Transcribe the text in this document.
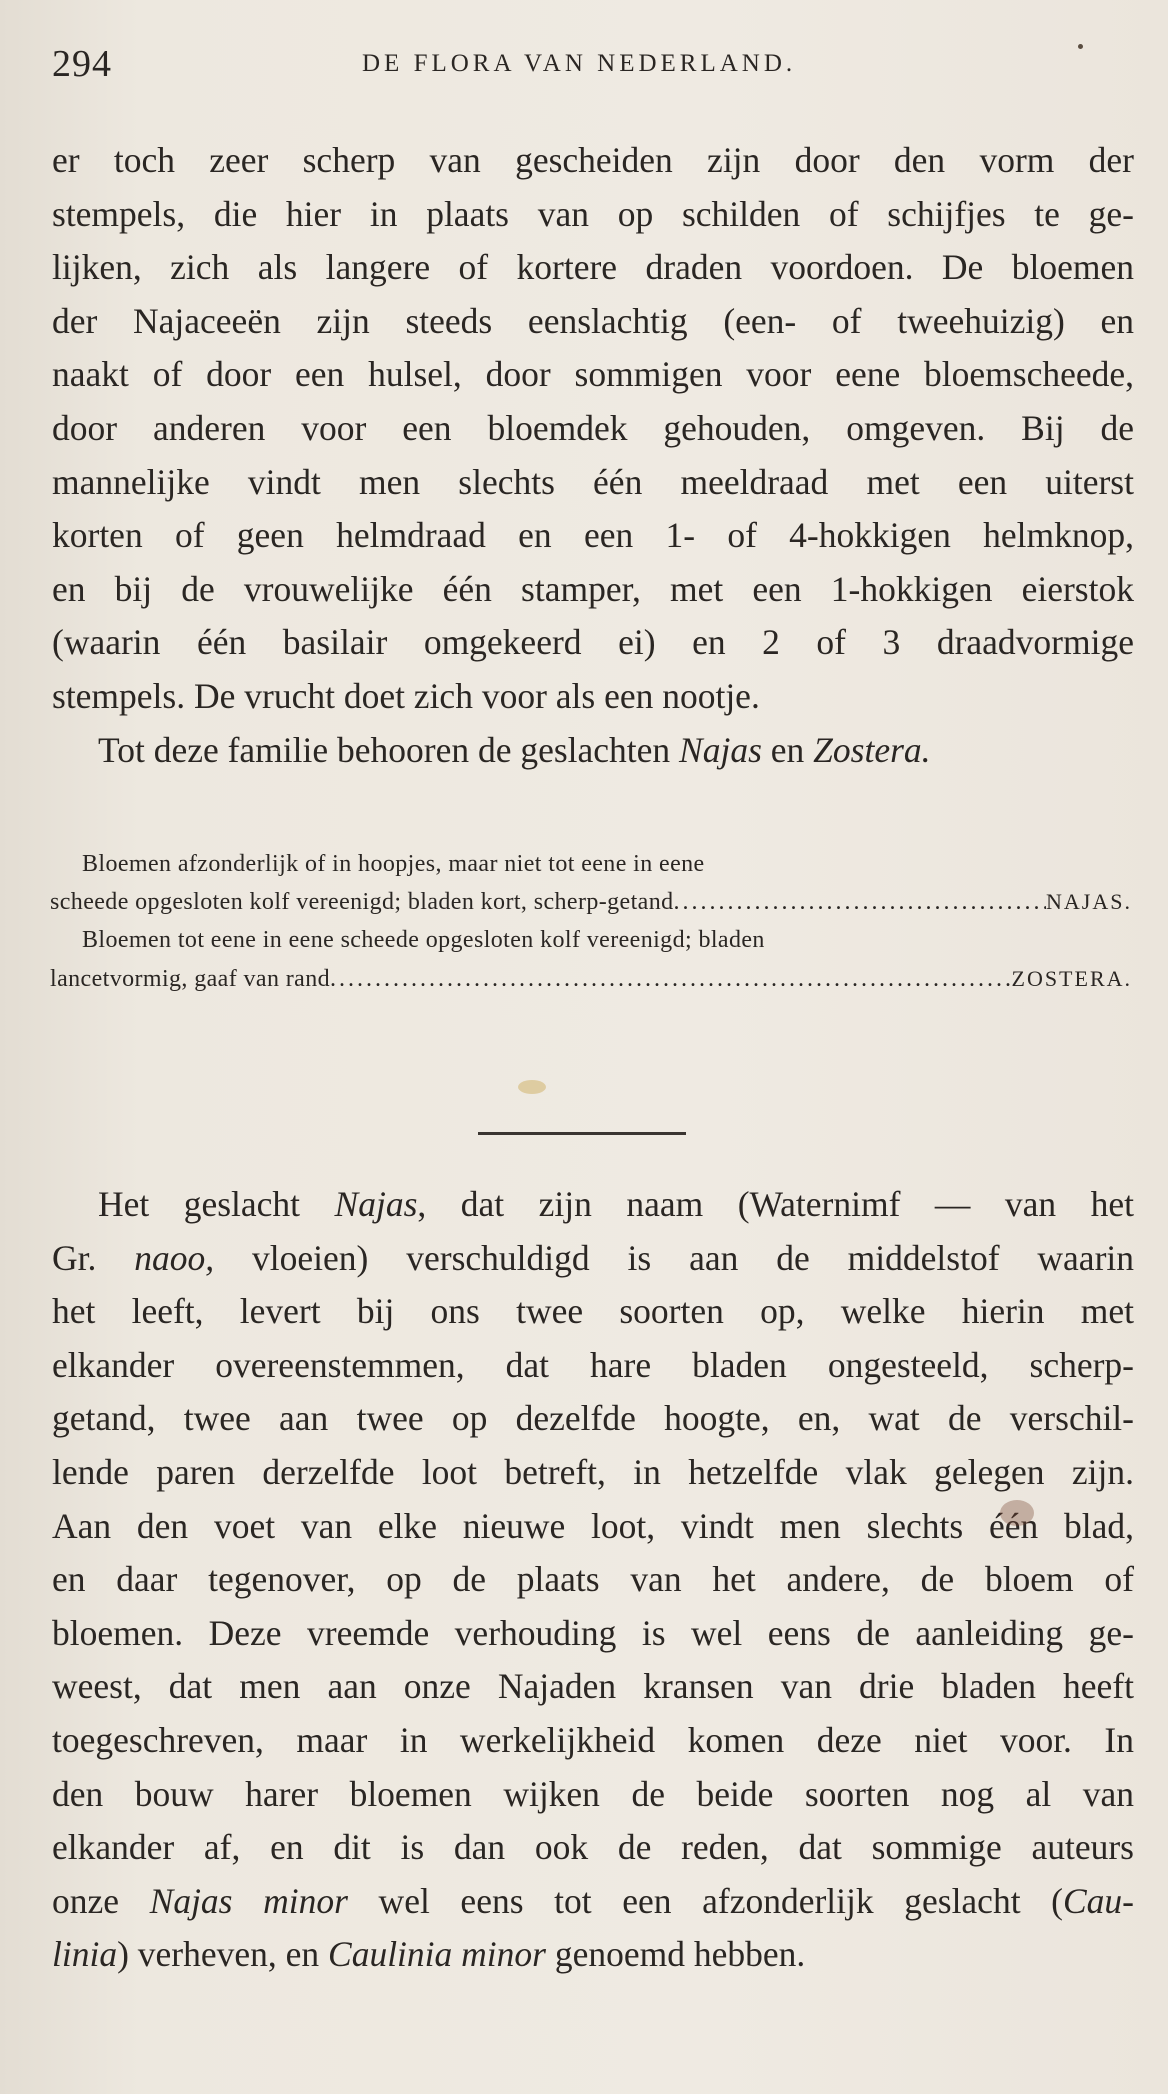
294	DE FLORA VAN NEDERLAND.
er toch zeer scherp van gescheiden zijn door den vorm der
stempels, die hier in plaats van op schilden of schijfjes te ge-
lijken, zich als langere of kortere draden voordoen. De bloemen
der Najaceeën zijn steeds eenslachtig (een- of tweehuizig) en
naakt of door een hulsel, door sommigen voor eene bloemscheede,
door anderen voor een bloemdek gehouden, omgeven. Bij de
mannelijke vindt men slechts één meeldraad met een uiterst
korten of geen helmdraad en een 1- of 4-hokkigen helmknop,
en bij de vrouwelijke één stamper, met een 1-hokkigen eierstok
(waarin één basilair omgekeerd ei) en 2 of 3 draadvormige
stempels. De vrucht doet zich voor als een nootje.
Tot deze familie behooren de geslachten Najas en Zostera.
Bloemen afzonderlijk of in hoopjes, maar niet tot eene in eene
scheede opgesloten kolf vereenigd; bladen kort, scherp-getand .....	NAJAS.
Bloemen tot eene in eene scheede opgesloten kolf vereenigd; bladen
lancetvormig, gaaf van rand .....	ZOSTERA.
Het geslacht Najas, dat zijn naam (Waternimf — van het
Gr. naoo, vloeien) verschuldigd is aan de middelstof waarin
het leeft, levert bij ons twee soorten op, welke hierin met
elkander overeenstemmen, dat hare bladen ongesteeld, scherp-
getand, twee aan twee op dezelfde hoogte, en, wat de verschil-
lende paren derzelfde loot betreft, in hetzelfde vlak gelegen zijn.
Aan den voet van elke nieuwe loot, vindt men slechts één blad,
en daar tegenover, op de plaats van het andere, de bloem of
bloemen. Deze vreemde verhouding is wel eens de aanleiding ge-
weest, dat men aan onze Najaden kransen van drie bladen heeft
toegeschreven, maar in werkelijkheid komen deze niet voor. In
den bouw harer bloemen wijken de beide soorten nog al van
elkander af, en dit is dan ook de reden, dat sommige auteurs
onze Najas minor wel eens tot een afzonderlijk geslacht (Cau-
linia) verheven, en Caulinia minor genoemd hebben.
